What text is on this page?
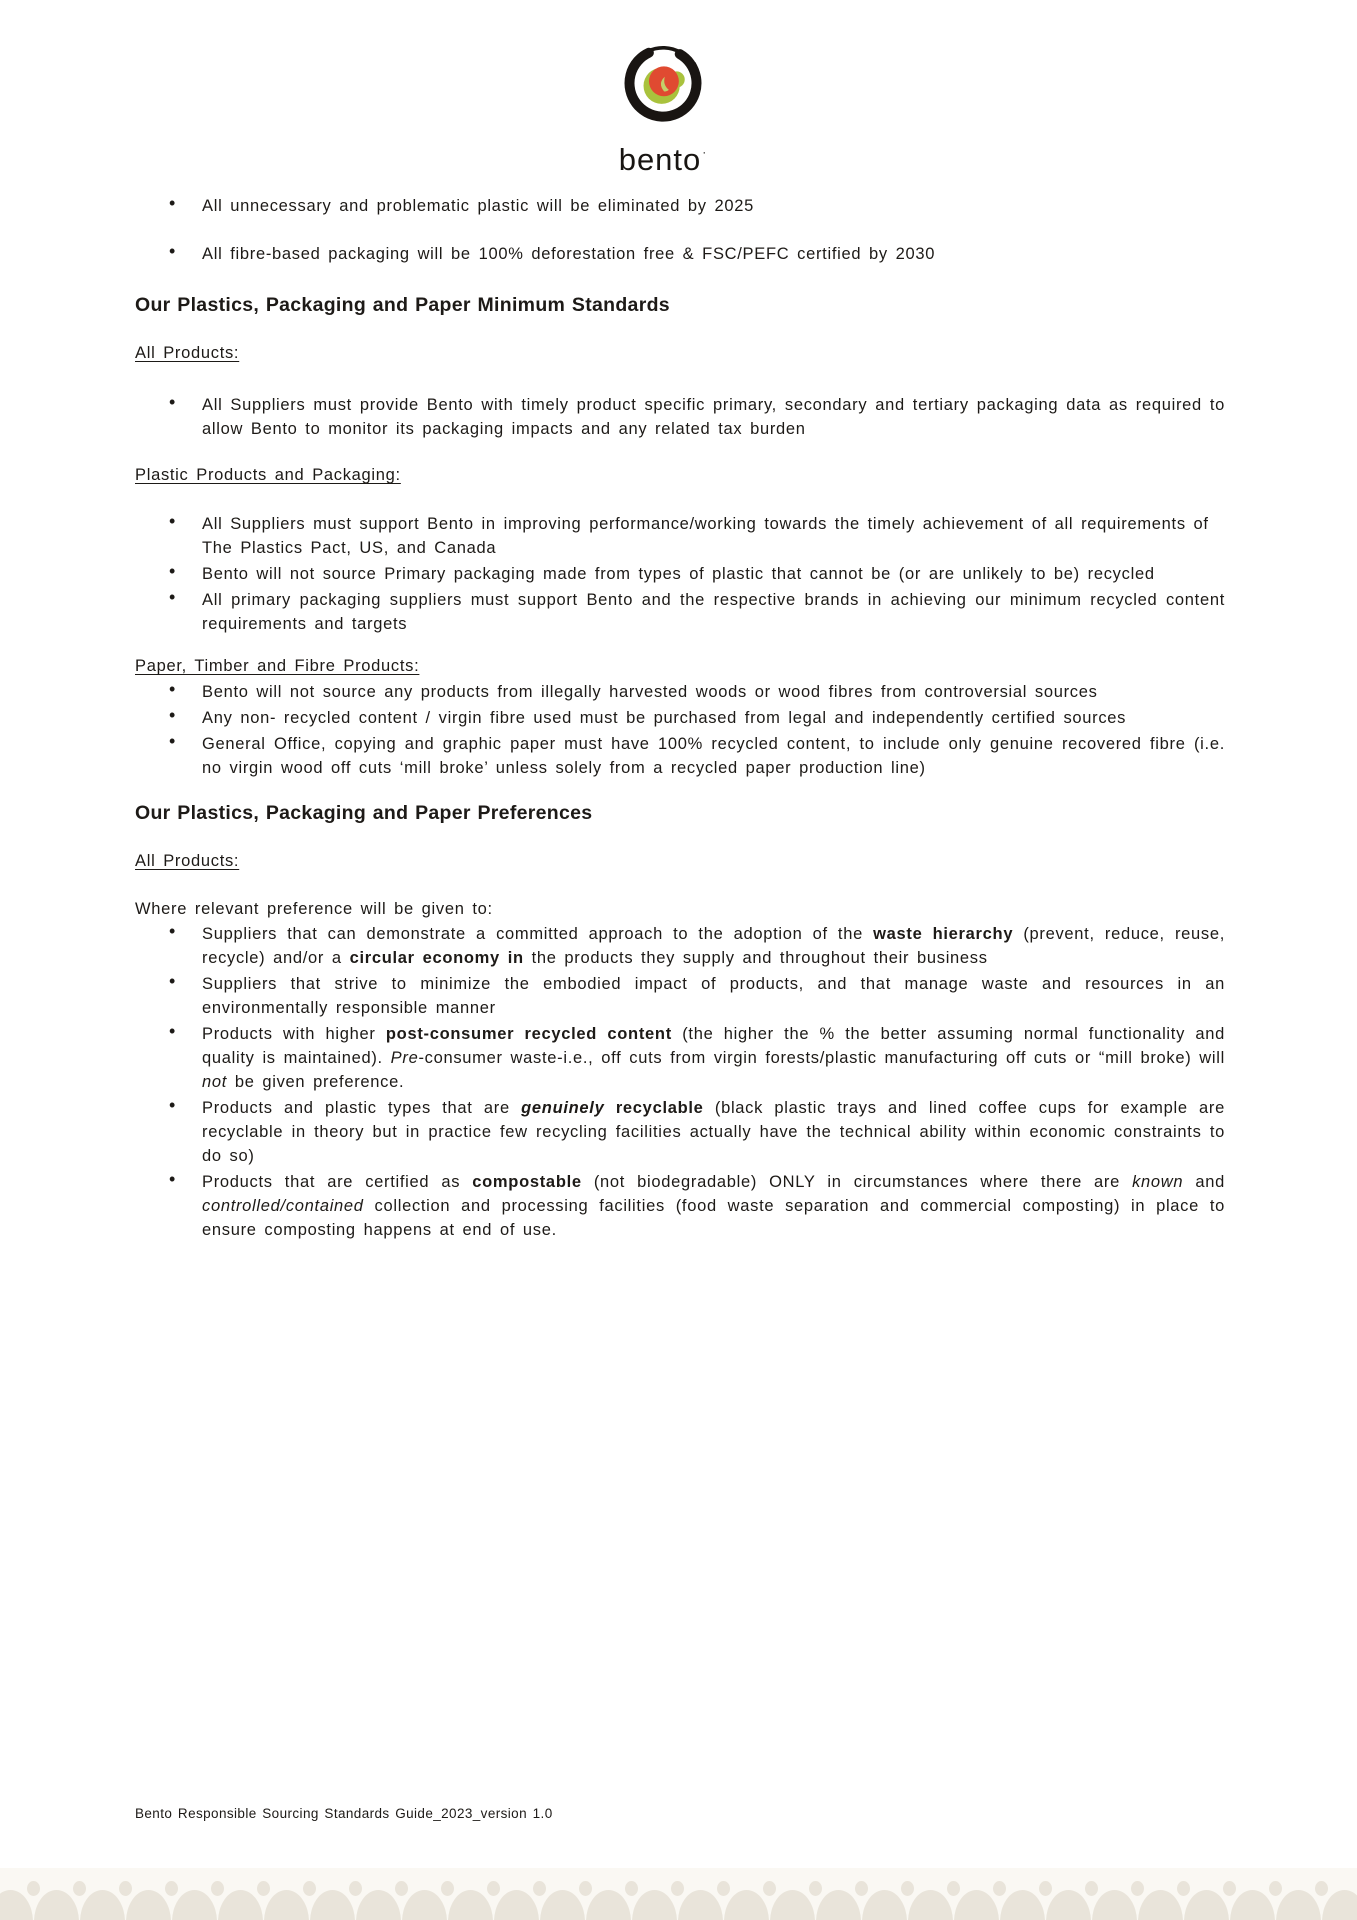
bento·
• All unnecessary and problematic plastic will be eliminated by 2025
• All fibre-based packaging will be 100% deforestation free & FSC/PEFC certified by 2030
Our Plastics, Packaging and Paper Minimum Standards
All Products:
• All Suppliers must provide Bento with timely product specific primary, secondary and tertiary packaging data as required to allow Bento to monitor its packaging impacts and any related tax burden
Plastic Products and Packaging:
• All Suppliers must support Bento in improving performance/working towards the timely achievement of all requirements of The Plastics Pact, US, and Canada
• Bento will not source Primary packaging made from types of plastic that cannot be (or are unlikely to be) recycled
• All primary packaging suppliers must support Bento and the respective brands in achieving our minimum recycled content requirements and targets
Paper, Timber and Fibre Products:
• Bento will not source any products from illegally harvested woods or wood fibres from controversial sources
• Any non- recycled content / virgin fibre used must be purchased from legal and independently certified sources
• General Office, copying and graphic paper must have 100% recycled content, to include only genuine recovered fibre (i.e. no virgin wood off cuts ‘mill broke’ unless solely from a recycled paper production line)
Our Plastics, Packaging and Paper Preferences
All Products:
Where relevant preference will be given to:
• Suppliers that can demonstrate a committed approach to the adoption of the waste hierarchy (prevent, reduce, reuse, recycle) and/or a circular economy in the products they supply and throughout their business
• Suppliers that strive to minimize the embodied impact of products, and that manage waste and resources in an environmentally responsible manner
• Products with higher post-consumer recycled content (the higher the % the better assuming normal functionality and quality is maintained). Pre-consumer waste-i.e., off cuts from virgin forests/plastic manufacturing off cuts or “mill broke) will not be given preference.
• Products and plastic types that are genuinely recyclable (black plastic trays and lined coffee cups for example are recyclable in theory but in practice few recycling facilities actually have the technical ability within economic constraints to do so)
• Products that are certified as compostable (not biodegradable) ONLY in circumstances where there are known and controlled/contained collection and processing facilities (food waste separation and commercial composting) in place to ensure composting happens at end of use.
Bento Responsible Sourcing Standards Guide_2023_version 1.0
